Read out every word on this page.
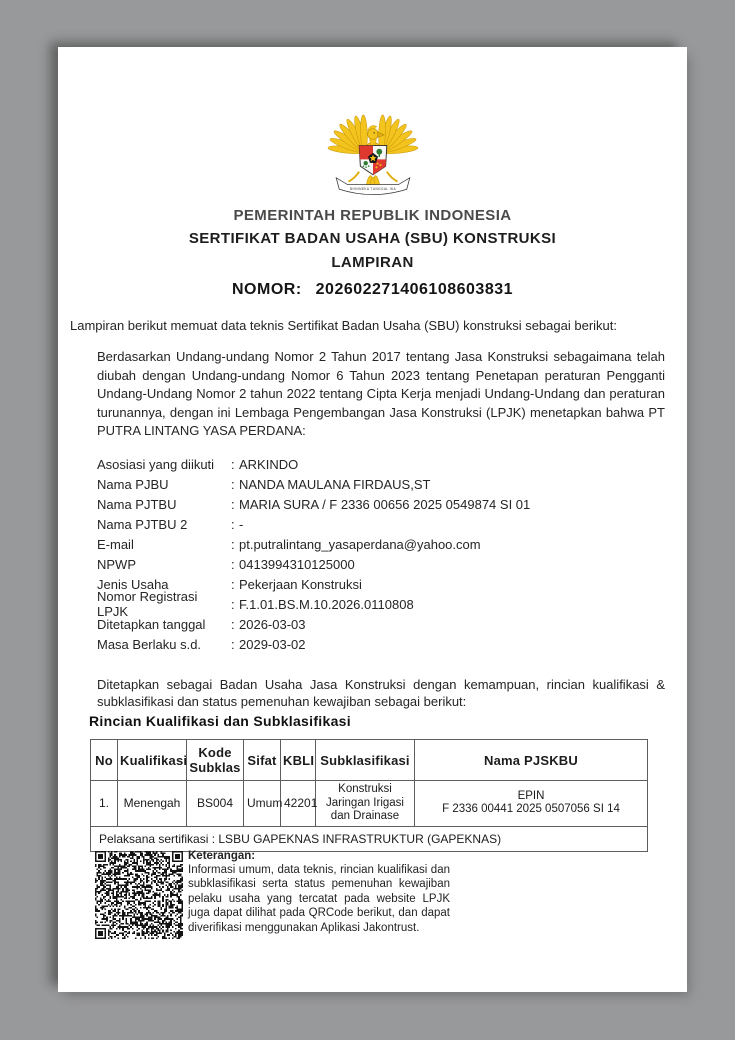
BHINNEKA TUNGGAL IKA
PEMERINTAH REPUBLIK INDONESIA
SERTIFIKAT BADAN USAHA (SBU) KONSTRUKSI
LAMPIRAN
NOMOR: 202602271406108603831

Lampiran berikut memuat data teknis Sertifikat Badan Usaha (SBU) konstruksi sebagai berikut:

Berdasarkan Undang-undang Nomor 2 Tahun 2017 tentang Jasa Konstruksi sebagaimana telah diubah dengan Undang-undang Nomor 6 Tahun 2023 tentang Penetapan peraturan Pengganti Undang-Undang Nomor 2 tahun 2022 tentang Cipta Kerja menjadi Undang-Undang dan peraturan turunannya, dengan ini Lembaga Pengembangan Jasa Konstruksi (LPJK) menetapkan bahwa PT PUTRA LINTANG YASA PERDANA:

Asosiasi yang diikuti	: ARKINDO
Nama PJBU	: NANDA MAULANA FIRDAUS,ST
Nama PJTBU	: MARIA SURA / F 2336 00656 2025 0549874 SI 01
Nama PJTBU 2	: -
E-mail	: pt.putralintang_yasaperdana@yahoo.com
NPWP	: 0413994310125000
Jenis Usaha	: Pekerjaan Konstruksi
Nomor Registrasi LPJK	: F.1.01.BS.M.10.2026.0110808
Ditetapkan tanggal	: 2026-03-03
Masa Berlaku s.d.	: 2029-03-02

Ditetapkan sebagai Badan Usaha Jasa Konstruksi dengan kemampuan, rincian kualifikasi & subklasifikasi dan status pemenuhan kewajiban sebagai berikut:

Rincian Kualifikasi dan Subklasifikasi
No	Kualifikasi	Kode Subklas	Sifat	KBLI	Subklasifikasi	Nama PJSKBU
1.	Menengah	BS004	Umum	42201	Konstruksi Jaringan Irigasi dan Drainase	EPIN
F 2336 00441 2025 0507056 SI 14

Pelaksana sertifikasi : LSBU GAPEKNAS INFRASTRUKTUR (GAPEKNAS)						
Keterangan:
Informasi umum, data teknis, rincian kualifikasi dan subklasifikasi serta status pemenuhan kewajiban pelaku usaha yang tercatat pada website LPJK juga dapat dilihat pada QRCode berikut, dan dapat diverifikasi menggunakan Aplikasi Jakontrust.
